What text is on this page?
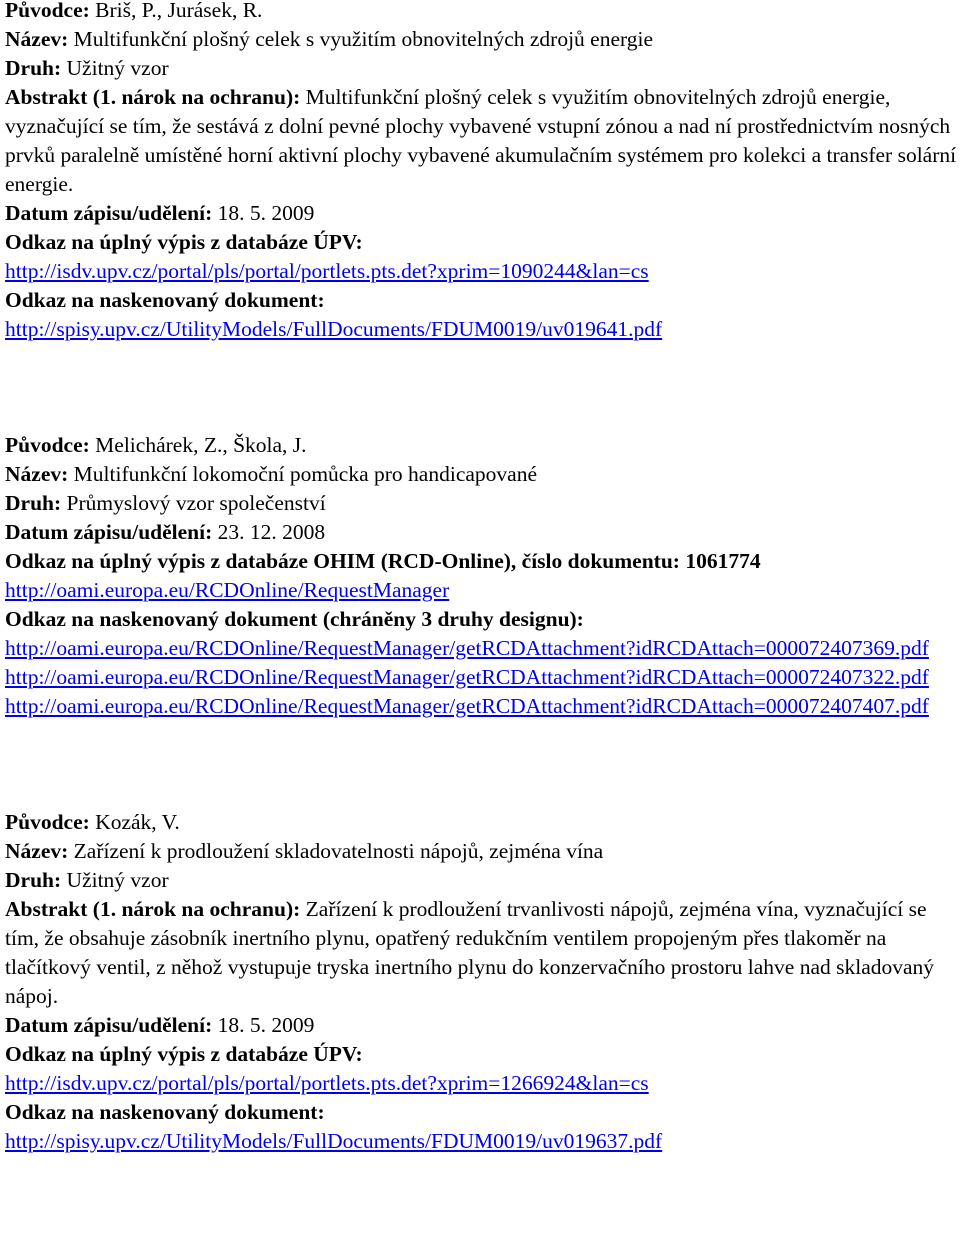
Původce: Briš, P., Jurásek, R.
Název: Multifunkční plošný celek s využitím obnovitelných zdrojů energie
Druh: Užitný vzor
Abstrakt (1. nárok na ochranu): Multifunkční plošný celek s využitím obnovitelných zdrojů energie, vyznačující se tím, že sestává z dolní pevné plochy vybavené vstupní zónou a nad ní prostřednictvím nosných prvků paralelně umístěné horní aktivní plochy vybavené akumulačním systémem pro kolekci a transfer solární energie.
Datum zápisu/udělení: 18. 5. 2009
Odkaz na úplný výpis z databáze ÚPV:
http://isdv.upv.cz/portal/pls/portal/portlets.pts.det?xprim=1090244&lan=cs
Odkaz na naskenovaný dokument:
http://spisy.upv.cz/UtilityModels/FullDocuments/FDUM0019/uv019641.pdf
Původce: Melichárek, Z., Škola, J.
Název: Multifunkční lokomoční pomůcka pro handicapované
Druh: Průmyslový vzor společenství
Datum zápisu/udělení: 23. 12. 2008
Odkaz na úplný výpis z databáze OHIM (RCD-Online), číslo dokumentu: 1061774
http://oami.europa.eu/RCDOnline/RequestManager
Odkaz na naskenovaný dokument (chráněny 3 druhy designu):
http://oami.europa.eu/RCDOnline/RequestManager/getRCDAttachment?idRCDAttach=000072407369.pdf
http://oami.europa.eu/RCDOnline/RequestManager/getRCDAttachment?idRCDAttach=000072407322.pdf
http://oami.europa.eu/RCDOnline/RequestManager/getRCDAttachment?idRCDAttach=000072407407.pdf
Původce: Kozák, V.
Název: Zařízení k prodloužení skladovatelnosti nápojů, zejména vína
Druh: Užitný vzor
Abstrakt (1. nárok na ochranu): Zařízení k prodloužení trvanlivosti nápojů, zejména vína, vyznačující se tím, že obsahuje zásobník inertního plynu, opatřený redukčním ventilem propojeným přes tlakoměr na tlačítkový ventil, z něhož vystupuje tryska inertního plynu do konzervačního prostoru lahve nad skladovaný nápoj.
Datum zápisu/udělení: 18. 5. 2009
Odkaz na úplný výpis z databáze ÚPV:
http://isdv.upv.cz/portal/pls/portal/portlets.pts.det?xprim=1266924&lan=cs
Odkaz na naskenovaný dokument:
http://spisy.upv.cz/UtilityModels/FullDocuments/FDUM0019/uv019637.pdf
